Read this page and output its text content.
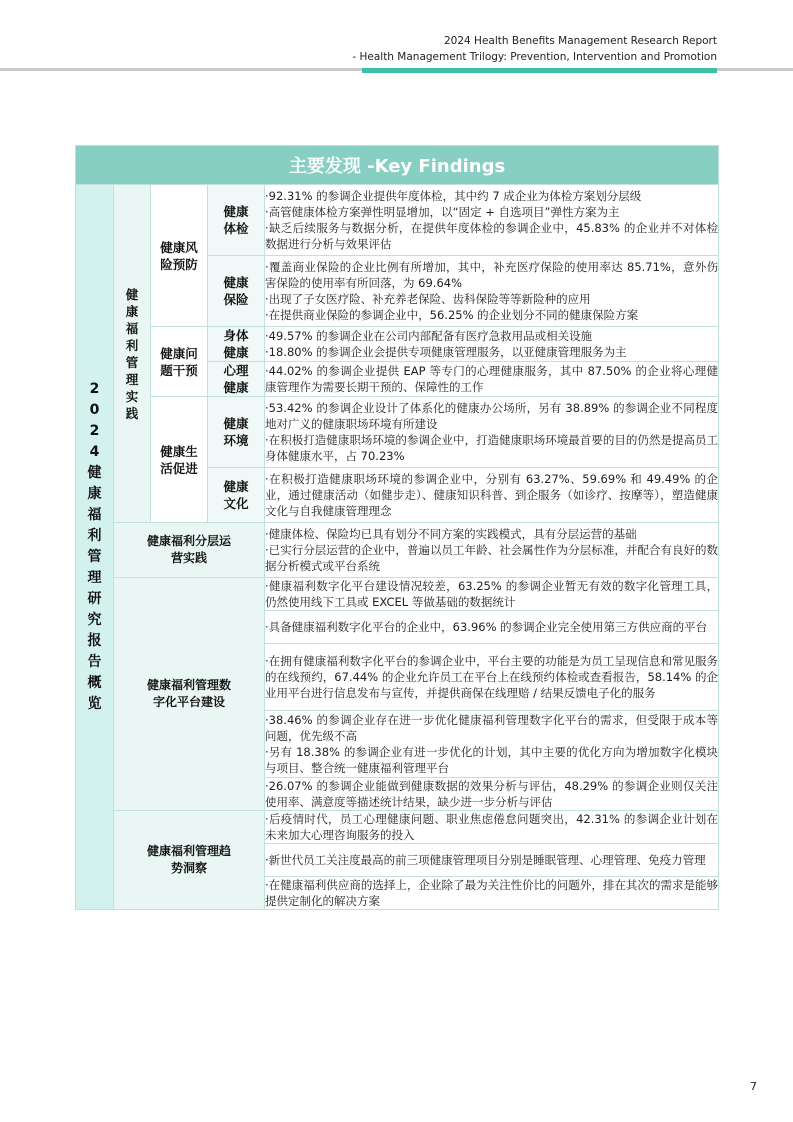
2024 Health Benefits Management Research Report
- Health Management Trilogy: Prevention, Intervention and Promotion
主要发现 -Key Findings				
2024健康福利管理研究报告概览	健康福利管理实践	健康风险预防	健康体检	·92.31% 的参调企业提供年度体检，其中约 7 成企业为体检方案划分层级
·高管健康体检方案弹性明显增加，以“固定 + 自选项目”弹性方案为主
·缺乏后续服务与数据分析，在提供年度体检的参调企业中，45.83% 的企业并不对体检数据进行分析与效果评估

			健康保险	·覆盖商业保险的企业比例有所增加，其中，补充医疗保险的使用率达 85.71%，意外伤害保险的使用率有所回落，为 69.64%
·出现了子女医疗险、补充养老保险、齿科保险等等新险种的应用
·在提供商业保险的参调企业中，56.25% 的企业划分不同的健康保险方案

		健康问题干预	身体健康	·49.57% 的参调企业在公司内部配备有医疗急救用品或相关设施
·18.80% 的参调企业会提供专项健康管理服务，以亚健康管理服务为主

			心理健康	·44.02% 的参调企业提供 EAP 等专门的心理健康服务，其中 87.50% 的企业将心理健康管理作为需要长期干预的、保障性的工作

		健康生活促进	健康环境	·53.42% 的参调企业设计了体系化的健康办公场所，另有 38.89% 的参调企业不同程度地对广义的健康职场环境有所建设
·在积极打造健康职场环境的参调企业中，打造健康职场环境最首要的目的仍然是提高员工身体健康水平，占 70.23%

			健康文化	·在积极打造健康职场环境的参调企业中，分别有 63.27%、59.69% 和 49.49% 的企业，通过健康活动（如健步走）、健康知识科普、到企服务（如诊疗、按摩等），塑造健康文化与自我健康管理理念

	健康福利分层运营实践			·健康体检、保险均已具有划分不同方案的实践模式，具有分层运营的基础
·已实行分层运营的企业中，普遍以员工年龄、社会属性作为分层标准，并配合有良好的数据分析模式或平台系统

	健康福利管理数字化平台建设			·健康福利数字化平台建设情况较差，63.25% 的参调企业暂无有效的数字化管理工具，仍然使用线下工具或 EXCEL 等做基础的数据统计

				·具备健康福利数字化平台的企业中，63.96% 的参调企业完全使用第三方供应商的平台

				·在拥有健康福利数字化平台的参调企业中，平台主要的功能是为员工呈现信息和常见服务的在线预约，67.44% 的企业允许员工在平台上在线预约体检或查看报告，58.14% 的企业用平台进行信息发布与宣传，并提供商保在线理赔 / 结果反馈电子化的服务

				·38.46% 的参调企业存在进一步优化健康福利管理数字化平台的需求，但受限于成本等问题，优先级不高
·另有 18.38% 的参调企业有进一步优化的计划，其中主要的优化方向为增加数字化模块与项目、整合统一健康福利管理平台

				·26.07% 的参调企业能做到健康数据的效果分析与评估，48.29% 的参调企业则仅关注使用率、满意度等描述统计结果，缺少进一步分析与评估

	健康福利管理趋势洞察			·后疫情时代，员工心理健康问题、职业焦虑倦怠问题突出，42.31% 的参调企业计划在未来加大心理咨询服务的投入

				·新世代员工关注度最高的前三项健康管理项目分别是睡眠管理、心理管理、免疫力管理

				·在健康福利供应商的选择上，企业除了最为关注性价比的问题外，排在其次的需求是能够提供定制化的解决方案
7
